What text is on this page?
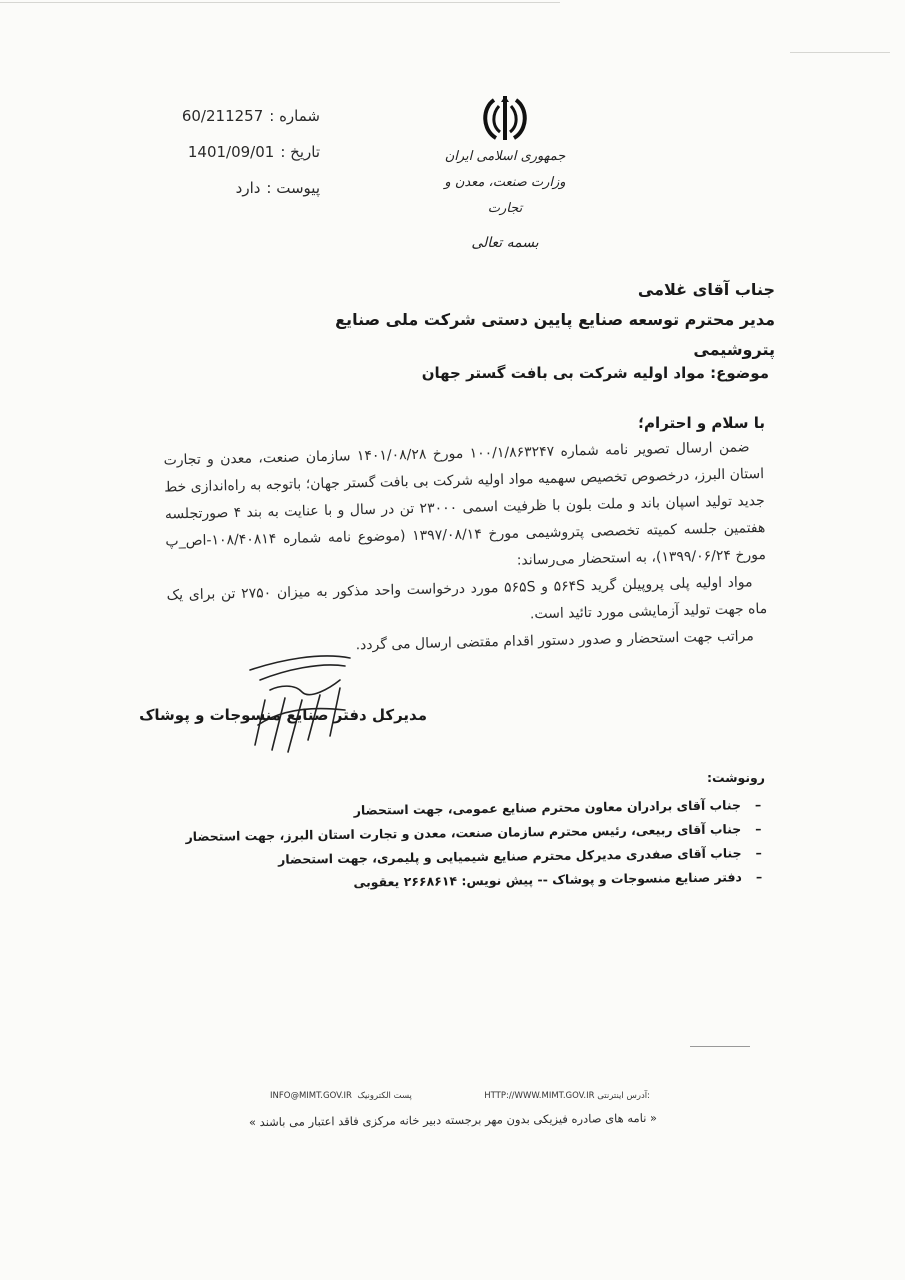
شماره :
60/211257
تاریخ :
1401/09/01
پیوست :
دارد
جمهوری اسلامی ایران
وزارت صنعت، معدن و تجارت
بسمه تعالی
جناب آقای غلامی
مدیر محترم توسعه صنایع پایین دستی شرکت ملی صنایع پتروشیمی
موضوع: مواد اولیه شرکت بی بافت گستر جهان
با سلام و احترام؛

ضمن ارسال تصویر نامه شماره ۱۰۰/۱/۸۶۳۲۴۷ مورخ ۱۴۰۱/۰۸/۲۸ سازمان صنعت، معدن و تجارت استان البرز، درخصوص تخصیص سهمیه مواد اولیه شرکت بی بافت گستر جهان؛ باتوجه به راه‌اندازی خط جدید تولید اسپان باند و ملت بلون با ظرفیت اسمی ۲۳۰۰۰ تن در سال و با عنایت به بند ۴ صورتجلسه هفتمین جلسه کمیته تخصصی پتروشیمی مورخ ۱۳۹۷/۰۸/۱۴ (موضوع نامه شماره ۱۰۸/۴۰۸۱۴-اص_پ مورخ ۱۳۹۹/۰۶/۲۴)، به استحضار می‌رساند:

مواد اولیه پلی پروپیلن گرید ۵۶۴S و ۵۶۵S مورد درخواست واحد مذکور به میزان ۲۷۵۰ تن برای یک ماه جهت تولید آزمایشی مورد تائید است.

مراتب جهت استحضار و صدور دستور اقدام مقتضی ارسال می گردد.

مدیرکل دفتر صنایع منسوجات و پوشاک
رونوشت:
– جناب آقای برادران معاون محترم صنایع عمومی، جهت استحضار
– جناب آقای ربیعی، رئیس محترم سازمان صنعت، معدن و تجارت استان البرز، جهت استحضار
– جناب آقای صفدری مدیرکل محترم صنایع شیمیایی و پلیمری، جهت استحضار
– دفتر صنایع منسوجات و پوشاک -- پیش نویس: ۲۶۶۸۶۱۴ یعقوبی
INFO@MIMT.GOV.IR پست الکترونیک	HTTP://WWW.MIMT.GOV.IR آدرس اینترنتی:
« نامه های صادره فیزیکی بدون مهر برجسته دبیر خانه مرکزی فاقد اعتبار می باشند »
